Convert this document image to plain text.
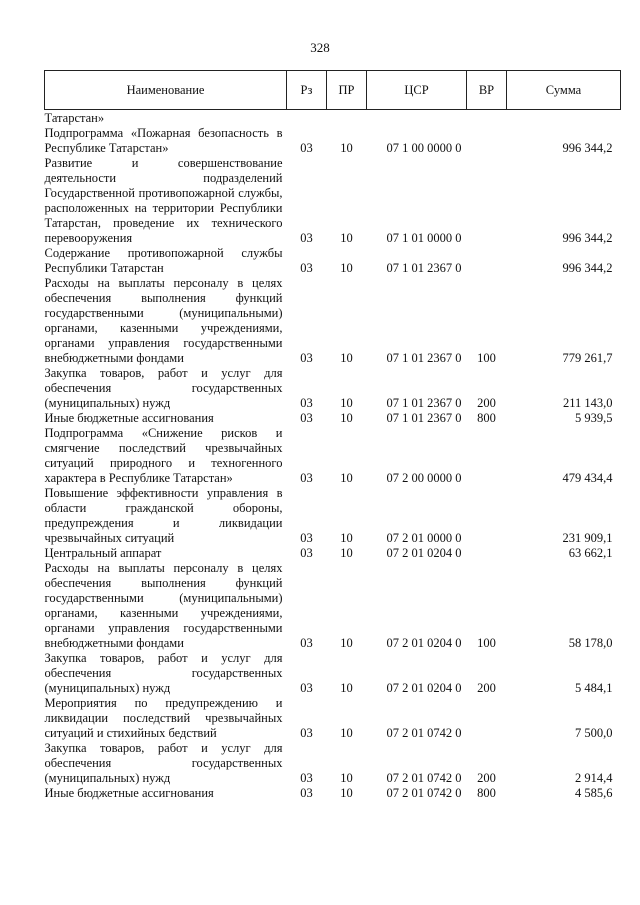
328
Наименование	Рз	ПР	ЦСР	ВР	Сумма
Татарстан»					
Подпрограмма «Пожарная безопасность в Республике Татарстан»	03	10	07 1 00 0000 0		996 344,2
Развитие и совершенствование деятельности подразделений Государственной противопожарной службы, расположенных на территории Республики Татарстан, проведение их технического перевооружения	03	10	07 1 01 0000 0		996 344,2
Содержание противопожарной службы Республики Татарстан	03	10	07 1 01 2367 0		996 344,2
Расходы на выплаты персоналу в целях обеспечения выполнения функций государственными (муниципальными) органами, казенными учреждениями, органами управления государственными внебюджетными фондами	03	10	07 1 01 2367 0	100	779 261,7
Закупка товаров, работ и услуг для обеспечения государственных (муниципальных) нужд	03	10	07 1 01 2367 0	200	211 143,0
Иные бюджетные ассигнования	03	10	07 1 01 2367 0	800	5 939,5
Подпрограмма «Снижение рисков и смягчение последствий чрезвычайных ситуаций природного и техногенного характера в Республике Татарстан»	03	10	07 2 00 0000 0		479 434,4
Повышение эффективности управления в области гражданской обороны, предупреждения и ликвидации чрезвычайных ситуаций	03	10	07 2 01 0000 0		231 909,1
Центральный аппарат	03	10	07 2 01 0204 0		63 662,1
Расходы на выплаты персоналу в целях обеспечения выполнения функций государственными (муниципальными) органами, казенными учреждениями, органами управления государственными внебюджетными фондами	03	10	07 2 01 0204 0	100	58 178,0
Закупка товаров, работ и услуг для обеспечения государственных (муниципальных) нужд	03	10	07 2 01 0204 0	200	5 484,1
Мероприятия по предупреждению и ликвидации последствий чрезвычайных ситуаций и стихийных бедствий	03	10	07 2 01 0742 0		7 500,0
Закупка товаров, работ и услуг для обеспечения государственных (муниципальных) нужд	03	10	07 2 01 0742 0	200	2 914,4
Иные бюджетные ассигнования	03	10	07 2 01 0742 0	800	4 585,6
